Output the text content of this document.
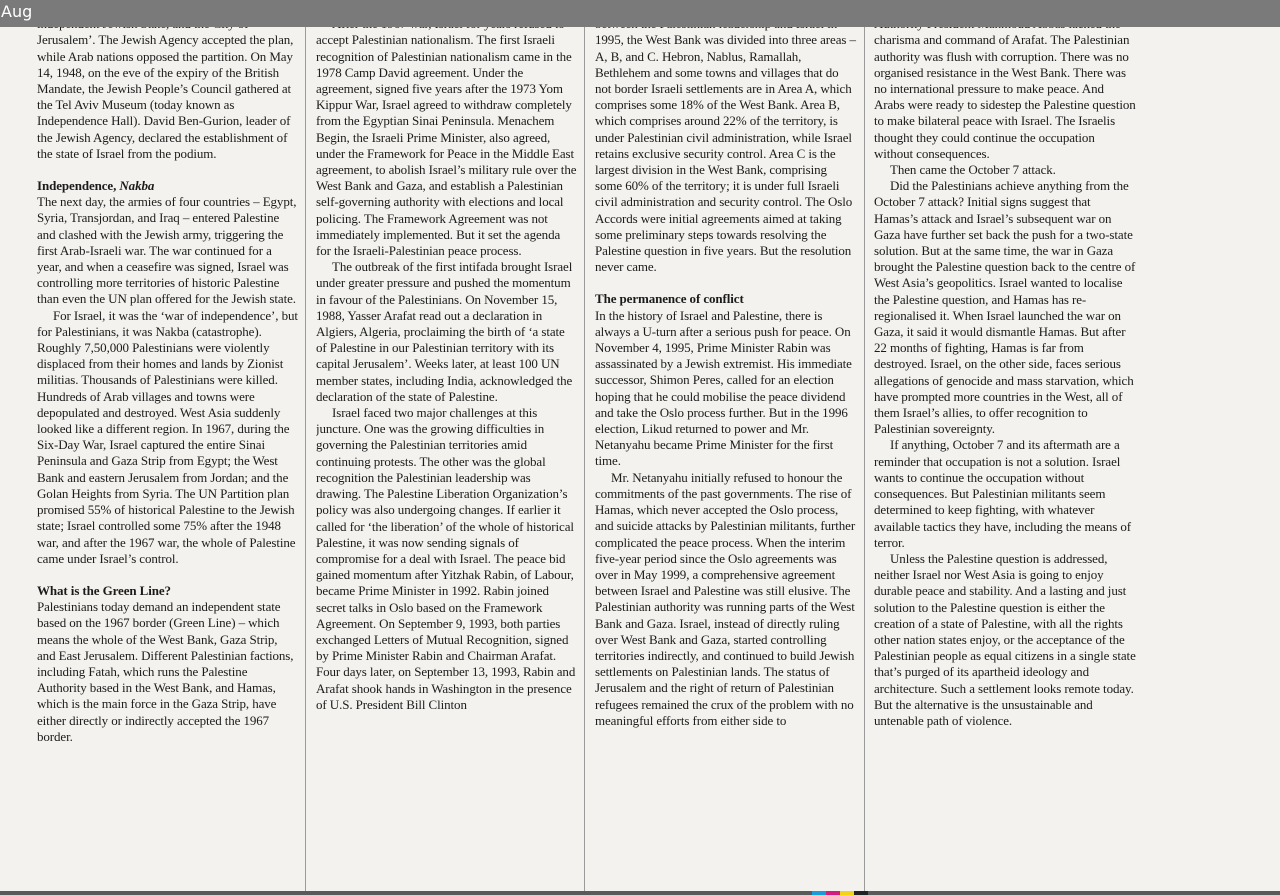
Aug

Jerusalem’. The Jewish Agency accepted the plan, while Arab nations opposed the partition. On May 14, 1948, on the eve of the expiry of the British Mandate, the Jewish People’s Council gathered at the Tel Aviv Museum (today known as Independence Hall). David Ben-Gurion, leader of the Jewish Agency, declared the establishment of the state of Israel from the podium.

Independence, Nakba

The next day, the armies of four countries – Egypt, Syria, Transjordan, and Iraq – entered Palestine and clashed with the Jewish army, triggering the first Arab-Israeli war. The war continued for a year, and when a ceasefire was signed, Israel was controlling more territories of historic Palestine than even the UN plan offered for the Jewish state.

For Israel, it was the ‘war of independence’, but for Palestinians, it was Nakba (catastrophe). Roughly 7,50,000 Palestinians were violently displaced from their homes and lands by Zionist militias. Thousands of Palestinians were killed. Hundreds of Arab villages and towns were depopulated and destroyed. West Asia suddenly looked like a different region. In 1967, during the Six-Day War, Israel captured the entire Sinai Peninsula and Gaza Strip from Egypt; the West Bank and eastern Jerusalem from Jordan; and the Golan Heights from Syria. The UN Partition plan promised 55% of historical Palestine to the Jewish state; Israel controlled some 75% after the 1948 war, and after the 1967 war, the whole of Palestine came under Israel’s control.

What is the Green Line?

Palestinians today demand an independent state based on the 1967 border (Green Line) – which means the whole of the West Bank, Gaza Strip, and East Jerusalem. Different Palestinian factions, including Fatah, which runs the Palestine Authority based in the West Bank, and Hamas, which is the main force in the Gaza Strip, have either directly or indirectly accepted the 1967 border.

accept Palestinian nationalism. The first Israeli recognition of Palestinian nationalism came in the 1978 Camp David agreement. Under the agreement, signed five years after the 1973 Yom Kippur War, Israel agreed to withdraw completely from the Egyptian Sinai Peninsula. Menachem Begin, the Israeli Prime Minister, also agreed, under the Framework for Peace in the Middle East agreement, to abolish Israel’s military rule over the West Bank and Gaza, and establish a Palestinian self-governing authority with elections and local policing. The Framework Agreement was not immediately implemented. But it set the agenda for the Israeli-Palestinian peace process.

The outbreak of the first intifada brought Israel under greater pressure and pushed the momentum in favour of the Palestinians. On November 15, 1988, Yasser Arafat read out a declaration in Algiers, Algeria, proclaiming the birth of ‘a state of Palestine in our Palestinian territory with its capital Jerusalem’. Weeks later, at least 100 UN member states, including India, acknowledged the declaration of the state of Palestine.

Israel faced two major challenges at this juncture. One was the growing difficulties in governing the Palestinian territories amid continuing protests. The other was the global recognition the Palestinian leadership was drawing. The Palestine Liberation Organization’s policy was also undergoing changes. If earlier it called for ‘the liberation’ of the whole of historical Palestine, it was now sending signals of compromise for a deal with Israel. The peace bid gained momentum after Yitzhak Rabin, of Labour, became Prime Minister in 1992. Rabin joined secret talks in Oslo based on the Framework Agreement. On September 9, 1993, both parties exchanged Letters of Mutual Recognition, signed by Prime Minister Rabin and Chairman Arafat. Four days later, on September 13, 1993, Rabin and Arafat shook hands in Washington in the presence of U.S. President Bill Clinton

1995, the West Bank was divided into three areas – A, B, and C. Hebron, Nablus, Ramallah, Bethlehem and some towns and villages that do not border Israeli settlements are in Area A, which comprises some 18% of the West Bank. Area B, which comprises around 22% of the territory, is under Palestinian civil administration, while Israel retains exclusive security control. Area C is the largest division in the West Bank, comprising some 60% of the territory; it is under full Israeli civil administration and security control. The Oslo Accords were initial agreements aimed at taking some preliminary steps towards resolving the Palestine question in five years. But the resolution never came.

The permanence of conflict

In the history of Israel and Palestine, there is always a U-turn after a serious push for peace. On November 4, 1995, Prime Minister Rabin was assassinated by a Jewish extremist. His immediate successor, Shimon Peres, called for an election hoping that he could mobilise the peace dividend and take the Oslo process further. But in the 1996 election, Likud returned to power and Mr. Netanyahu became Prime Minister for the first time.

Mr. Netanyahu initially refused to honour the commitments of the past governments. The rise of Hamas, which never accepted the Oslo process, and suicide attacks by Palestinian militants, further complicated the peace process. When the interim five-year period since the Oslo agreements was over in May 1999, a comprehensive agreement between Israel and Palestine was still elusive. The Palestinian authority was running parts of the West Bank and Gaza. Israel, instead of directly ruling over West Bank and Gaza, started controlling territories indirectly, and continued to build Jewish settlements on Palestinian lands. The status of Jerusalem and the right of return of Palestinian refugees remained the crux of the problem with no meaningful efforts from either side to

charisma and command of Arafat. The Palestinian authority was flush with corruption. There was no organised resistance in the West Bank. There was no international pressure to make peace. And Arabs were ready to sidestep the Palestine question to make bilateral peace with Israel. The Israelis thought they could continue the occupation without consequences.

Then came the October 7 attack.

Did the Palestinians achieve anything from the October 7 attack? Initial signs suggest that Hamas’s attack and Israel’s subsequent war on Gaza have further set back the push for a two-state solution. But at the same time, the war in Gaza brought the Palestine question back to the centre of West Asia’s geopolitics. Israel wanted to localise the Palestine question, and Hamas has re-regionalised it. When Israel launched the war on Gaza, it said it would dismantle Hamas. But after 22 months of fighting, Hamas is far from destroyed. Israel, on the other side, faces serious allegations of genocide and mass starvation, which have prompted more countries in the West, all of them Israel’s allies, to offer recognition to Palestinian sovereignty.

If anything, October 7 and its aftermath are a reminder that occupation is not a solution. Israel wants to continue the occupation without consequences. But Palestinian militants seem determined to keep fighting, with whatever available tactics they have, including the means of terror.

Unless the Palestine question is addressed, neither Israel nor West Asia is going to enjoy durable peace and stability. And a lasting and just solution to the Palestine question is either the creation of a state of Palestine, with all the rights other nation states enjoy, or the acceptance of the Palestinian people as equal citizens in a single state that’s purged of its apartheid ideology and architecture. Such a settlement looks remote today. But the alternative is the unsustainable and untenable path of violence.
